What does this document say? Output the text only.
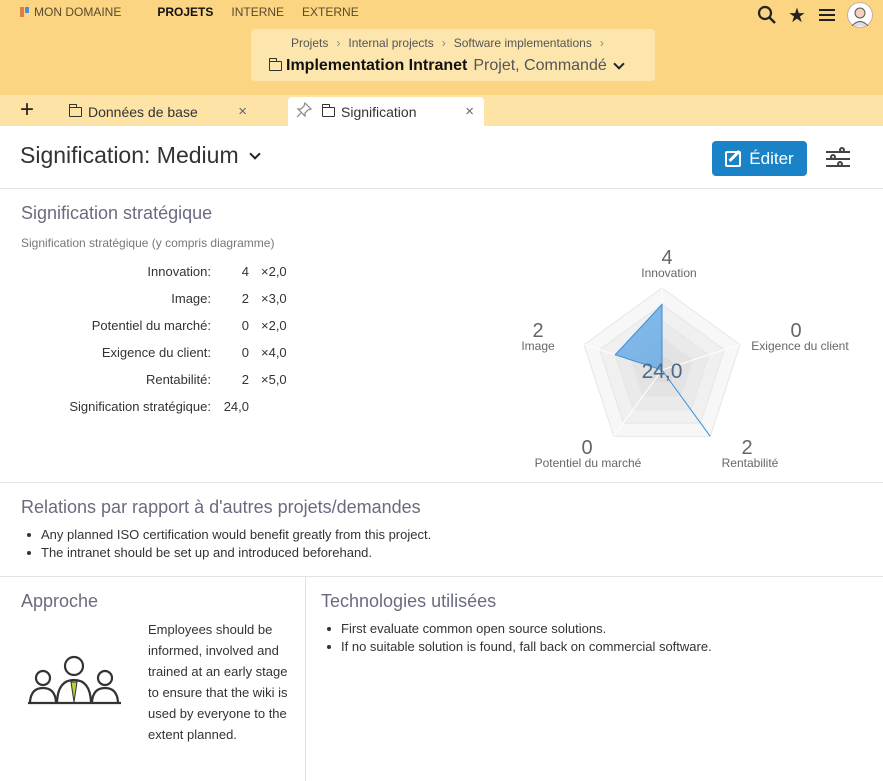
MON DOMAINE	PROJETS INTERNE EXTERNE	★
Projets › Internal projects › Software implementations ›
Implementation Intranet Projet, Commandé
+	Données de base	×	Signification	×
Signification: Medium	Éditer
Signification stratégique
Signification stratégique (y compris diagramme)
Innovation:	4 ×2,0
Image:	2 ×3,0
Potentiel du marché:	0 ×2,0
Exigence du client:	0 ×4,0
Rentabilité:	2 ×5,0
Signification stratégique: 24,0
24,0
4
Innovation
0
Exigence du client
2
Rentabilité
0
Potentiel du marché
2
Image
Relations par rapport à d'autres projets/demandes
Any planned ISO certification would benefit greatly from this project.
The intranet should be set up and introduced beforehand.
Approche
Employees should be informed, involved and trained at an early stage to ensure that the wiki is used by everyone to the extent planned.
Technologies utilisées
First evaluate common open source solutions.
If no suitable solution is found, fall back on commercial software.
